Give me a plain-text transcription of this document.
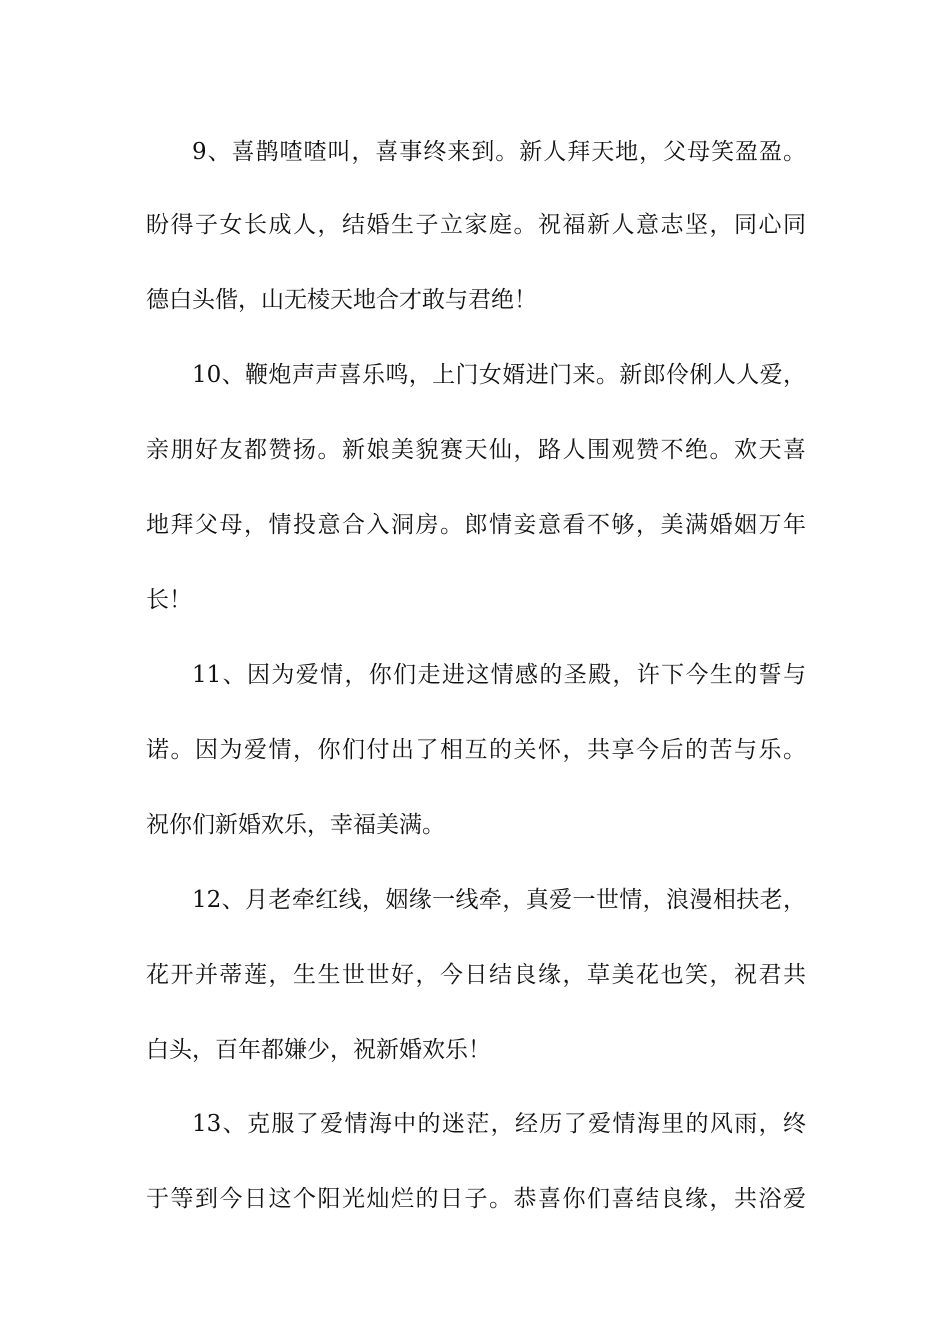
9、喜鹊喳喳叫，喜事终来到。新人拜天地，父母笑盈盈。
盼得子女长成人，结婚生子立家庭。祝福新人意志坚，同心同
德白头偕，山无棱天地合才敢与君绝！
10、鞭炮声声喜乐鸣，上门女婿进门来。新郎伶俐人人爱，
亲朋好友都赞扬。新娘美貌赛天仙，路人围观赞不绝。欢天喜
地拜父母，情投意合入洞房。郎情妾意看不够，美满婚姻万年
长！
11、因为爱情，你们走进这情感的圣殿，许下今生的誓与
诺。因为爱情，你们付出了相互的关怀，共享今后的苦与乐。
祝你们新婚欢乐，幸福美满。
12、月老牵红线，姻缘一线牵，真爱一世情，浪漫相扶老，
花开并蒂莲，生生世世好，今日结良缘，草美花也笑，祝君共
白头，百年都嫌少，祝新婚欢乐！
13、克服了爱情海中的迷茫，经历了爱情海里的风雨，终
于等到今日这个阳光灿烂的日子。恭喜你们喜结良缘，共浴爱
